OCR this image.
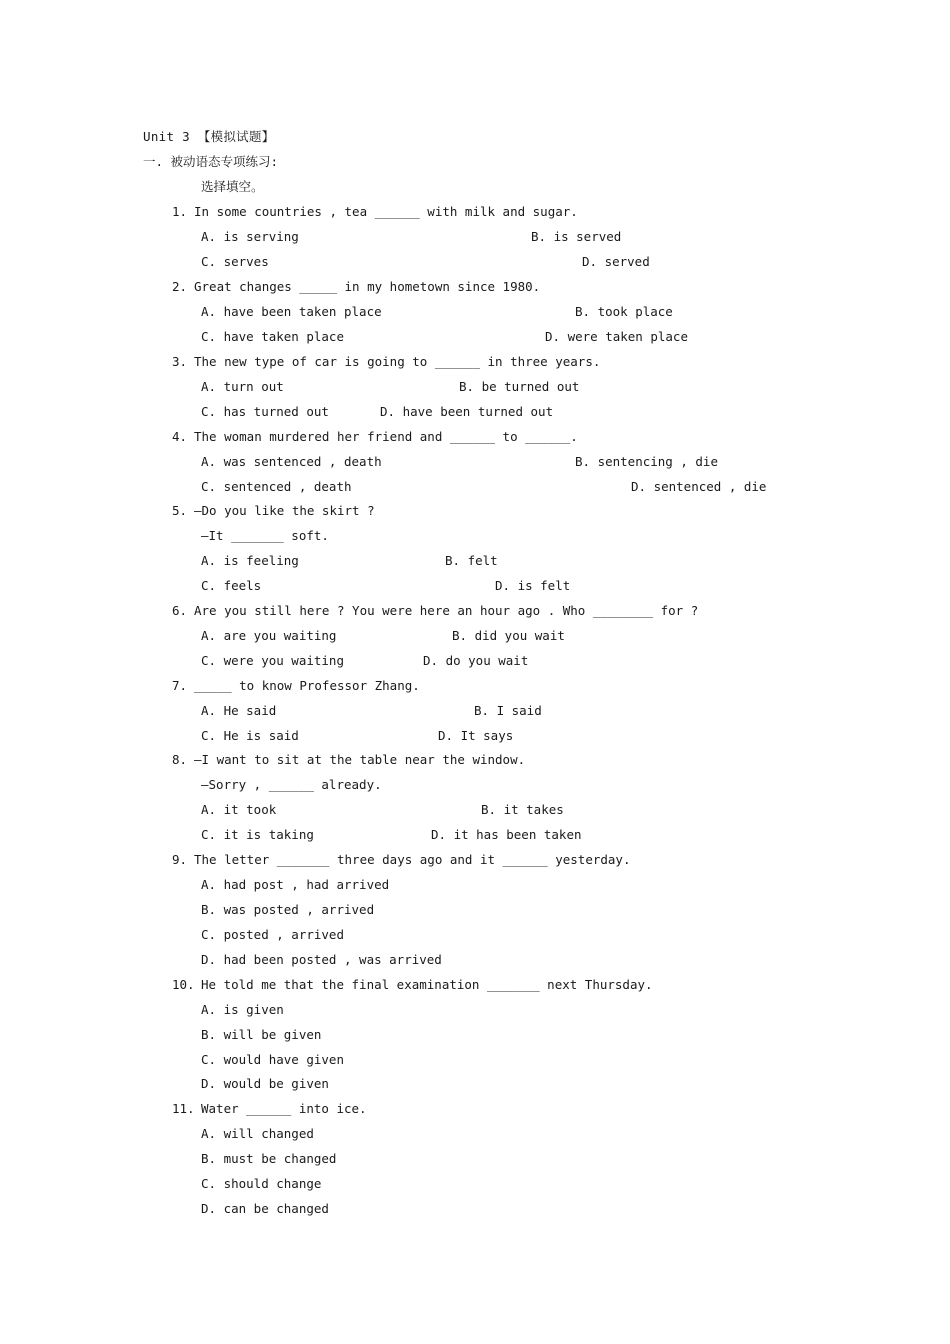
Unit 3 【模拟试题】
一. 被动语态专项练习:
选择填空。
1. In some countries , tea ______ with milk and sugar.
A. is serving	B. is served
C. serves	D. served
2. Great changes _____ in my hometown since 1980.
A. have been taken place	B. took place
C. have taken place	D. were taken place
3. The new type of car is going to ______ in three years.
A. turn out	B. be turned out
C. has turned out	D. have been turned out
4. The woman murdered her friend and ______ to ______.
A. was sentenced , death	B. sentencing , die
C. sentenced , death	D. sentenced , die
5. —Do you like the skirt ?
—It _______ soft.
A. is feeling	B. felt
C. feels	D. is felt
6. Are you still here ? You were here an hour ago . Who ________ for ?
A. are you waiting	B. did you wait
C. were you waiting	D. do you wait
7. _____ to know Professor Zhang.
A. He said	B. I said
C. He is said	D. It says
8. —I want to sit at the table near the window.
—Sorry , ______ already.
A. it took	B. it takes
C. it is taking	D. it has been taken
9. The letter _______ three days ago and it ______ yesterday.
A. had post , had arrived
B. was posted , arrived
C. posted , arrived
D. had been posted , was arrived
10. He told me that the final examination _______ next Thursday.
A. is given
B. will be given
C. would have given
D. would be given
11. Water ______ into ice.
A. will changed
B. must be changed
C. should change
D. can be changed
